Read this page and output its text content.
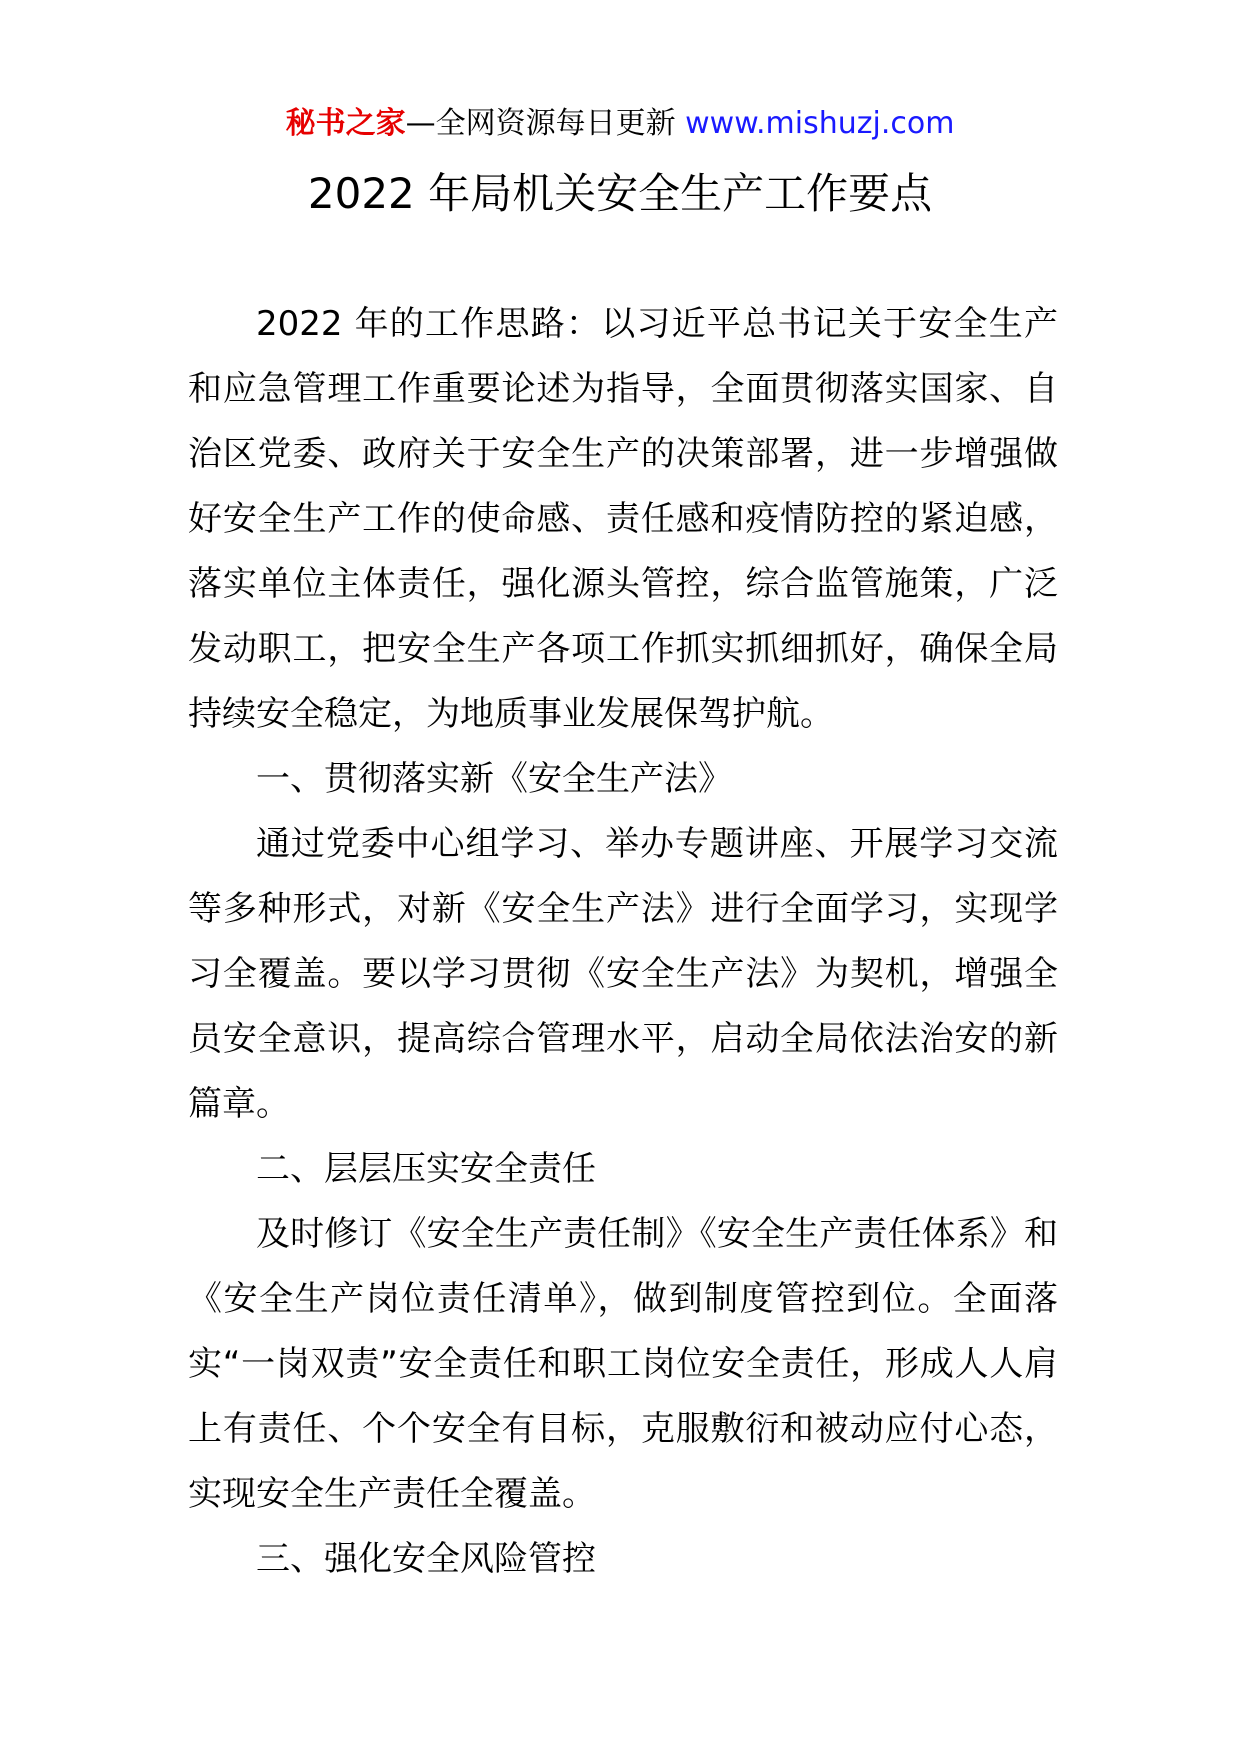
秘书之家—全网资源每日更新 www.mishuzj.com
2022 年局机关安全生产工作要点

2022 年的工作思路：以习近平总书记关于安全生产和应急管理工作重要论述为指导，全面贯彻落实国家、自治区党委、政府关于安全生产的决策部署，进一步增强做好安全生产工作的使命感、责任感和疫情防控的紧迫感，落实单位主体责任，强化源头管控，综合监管施策，广泛发动职工，把安全生产各项工作抓实抓细抓好，确保全局持续安全稳定，为地质事业发展保驾护航。

一、贯彻落实新《安全生产法》

通过党委中心组学习、举办专题讲座、开展学习交流等多种形式，对新《安全生产法》进行全面学习，实现学习全覆盖。要以学习贯彻《安全生产法》为契机，增强全员安全意识，提高综合管理水平，启动全局依法治安的新篇章。

二、层层压实安全责任

及时修订《安全生产责任制》《安全生产责任体系》和《安全生产岗位责任清单》，做到制度管控到位。全面落实“一岗双责”安全责任和职工岗位安全责任，形成人人肩上有责任、个个安全有目标，克服敷衍和被动应付心态，实现安全生产责任全覆盖。

三、强化安全风险管控
